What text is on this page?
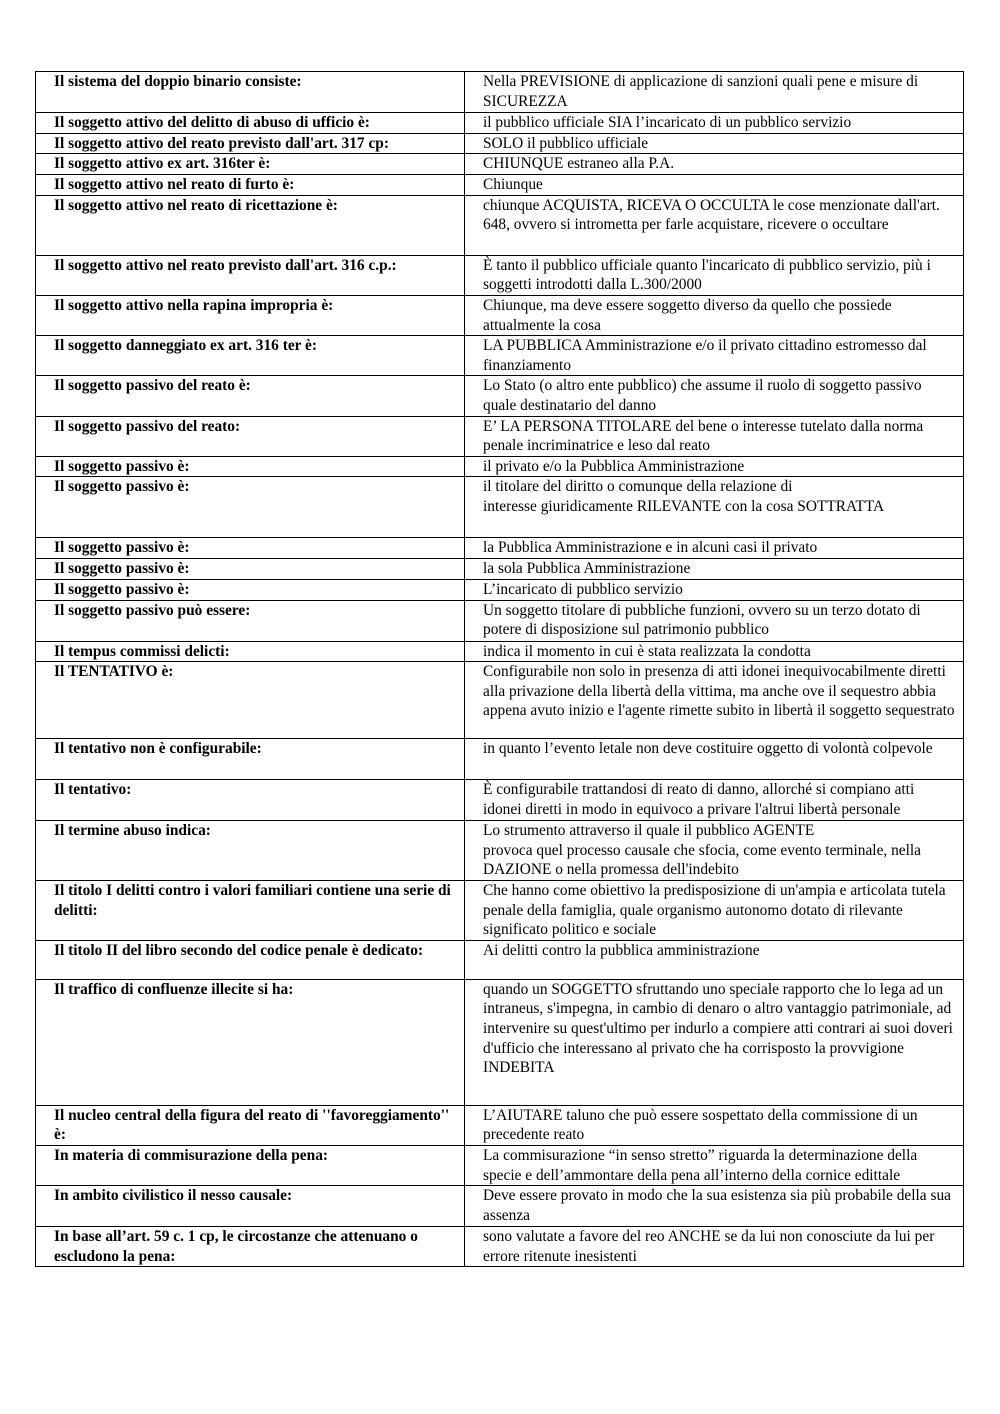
Il sistema del doppio binario consiste:	Nella PREVISIONE di applicazione di sanzioni quali pene e misure di SICUREZZA
Il soggetto attivo del delitto di abuso di ufficio è:	il pubblico ufficiale SIA l’incaricato di un pubblico servizio
Il soggetto attivo del reato previsto dall'art. 317 cp:	SOLO il pubblico ufficiale
Il soggetto attivo ex art. 316ter è:	CHIUNQUE estraneo alla P.A.
Il soggetto attivo nel reato di furto è:	Chiunque
Il soggetto attivo nel reato di ricettazione è:	chiunque ACQUISTA, RICEVA O OCCULTA le cose menzionate dall'art. 648, ovvero si intrometta per farle acquistare, ricevere o occultare
Il soggetto attivo nel reato previsto dall'art. 316 c.p.:	È tanto il pubblico ufficiale quanto l'incaricato di pubblico servizio, più i soggetti introdotti dalla L.300/2000
Il soggetto attivo nella rapina impropria è:	Chiunque, ma deve essere soggetto diverso da quello che possiede attualmente la cosa
Il soggetto danneggiato ex art. 316 ter è:	LA PUBBLICA Amministrazione e/o il privato cittadino estromesso dal finanziamento
Il soggetto passivo del reato è:	Lo Stato (o altro ente pubblico) che assume il ruolo di soggetto passivo quale destinatario del danno
Il soggetto passivo del reato:	E’ LA PERSONA TITOLARE del bene o interesse tutelato dalla norma penale incriminatrice e leso dal reato
Il soggetto passivo è:	il privato e/o la Pubblica Amministrazione
Il soggetto passivo è:	il titolare del diritto o comunque della relazione di
interesse giuridicamente RILEVANTE con la cosa SOTTRATTA
Il soggetto passivo è:	la Pubblica Amministrazione e in alcuni casi il privato
Il soggetto passivo è:	la sola Pubblica Amministrazione
Il soggetto passivo è:	L’incaricato di pubblico servizio
Il soggetto passivo può essere:	Un soggetto titolare di pubbliche funzioni, ovvero su un terzo dotato di potere di disposizione sul patrimonio pubblico
Il tempus commissi delicti:	indica il momento in cui è stata realizzata la condotta
Il TENTATIVO è:	Configurabile non solo in presenza di atti idonei inequivocabilmente diretti alla privazione della libertà della vittima, ma anche ove il sequestro abbia appena avuto inizio e l'agente rimette subito in libertà il soggetto sequestrato
Il tentativo non è configurabile:	in quanto l’evento letale non deve costituire oggetto di volontà colpevole
Il tentativo:	È configurabile trattandosi di reato di danno, allorché si compiano atti idonei diretti in modo in equivoco a privare l'altrui libertà personale
Il termine abuso indica:	Lo strumento attraverso il quale il pubblico AGENTE
provoca quel processo causale che sfocia, come evento terminale, nella DAZIONE o nella promessa dell'indebito
Il titolo I delitti contro i valori familiari contiene una serie di delitti:	Che hanno come obiettivo la predisposizione di un'ampia e articolata tutela penale della famiglia, quale organismo autonomo dotato di rilevante significato politico e sociale
Il titolo II del libro secondo del codice penale è dedicato:	Ai delitti contro la pubblica amministrazione
Il traffico di confluenze illecite si ha:	quando un SOGGETTO sfruttando uno speciale rapporto che lo lega ad un intraneus, s'impegna, in cambio di denaro o altro vantaggio patrimoniale, ad intervenire su quest'ultimo per indurlo a compiere atti contrari ai suoi doveri d'ufficio che interessano al privato che ha corrisposto la provvigione INDEBITA
Il nucleo central della figura del reato di ''favoreggiamento'' è:	L’AIUTARE taluno che può essere sospettato della commissione di un precedente reato
In materia di commisurazione della pena:	La commisurazione “in senso stretto” riguarda la determinazione della specie e dell’ammontare della pena all’interno della cornice edittale
In ambito civilistico il nesso causale:	Deve essere provato in modo che la sua esistenza sia più probabile della sua assenza
In base all’art. 59 c. 1 cp, le circostanze che attenuano o escludono la pena:	sono valutate a favore del reo ANCHE se da lui non conosciute da lui per errore ritenute inesistenti
